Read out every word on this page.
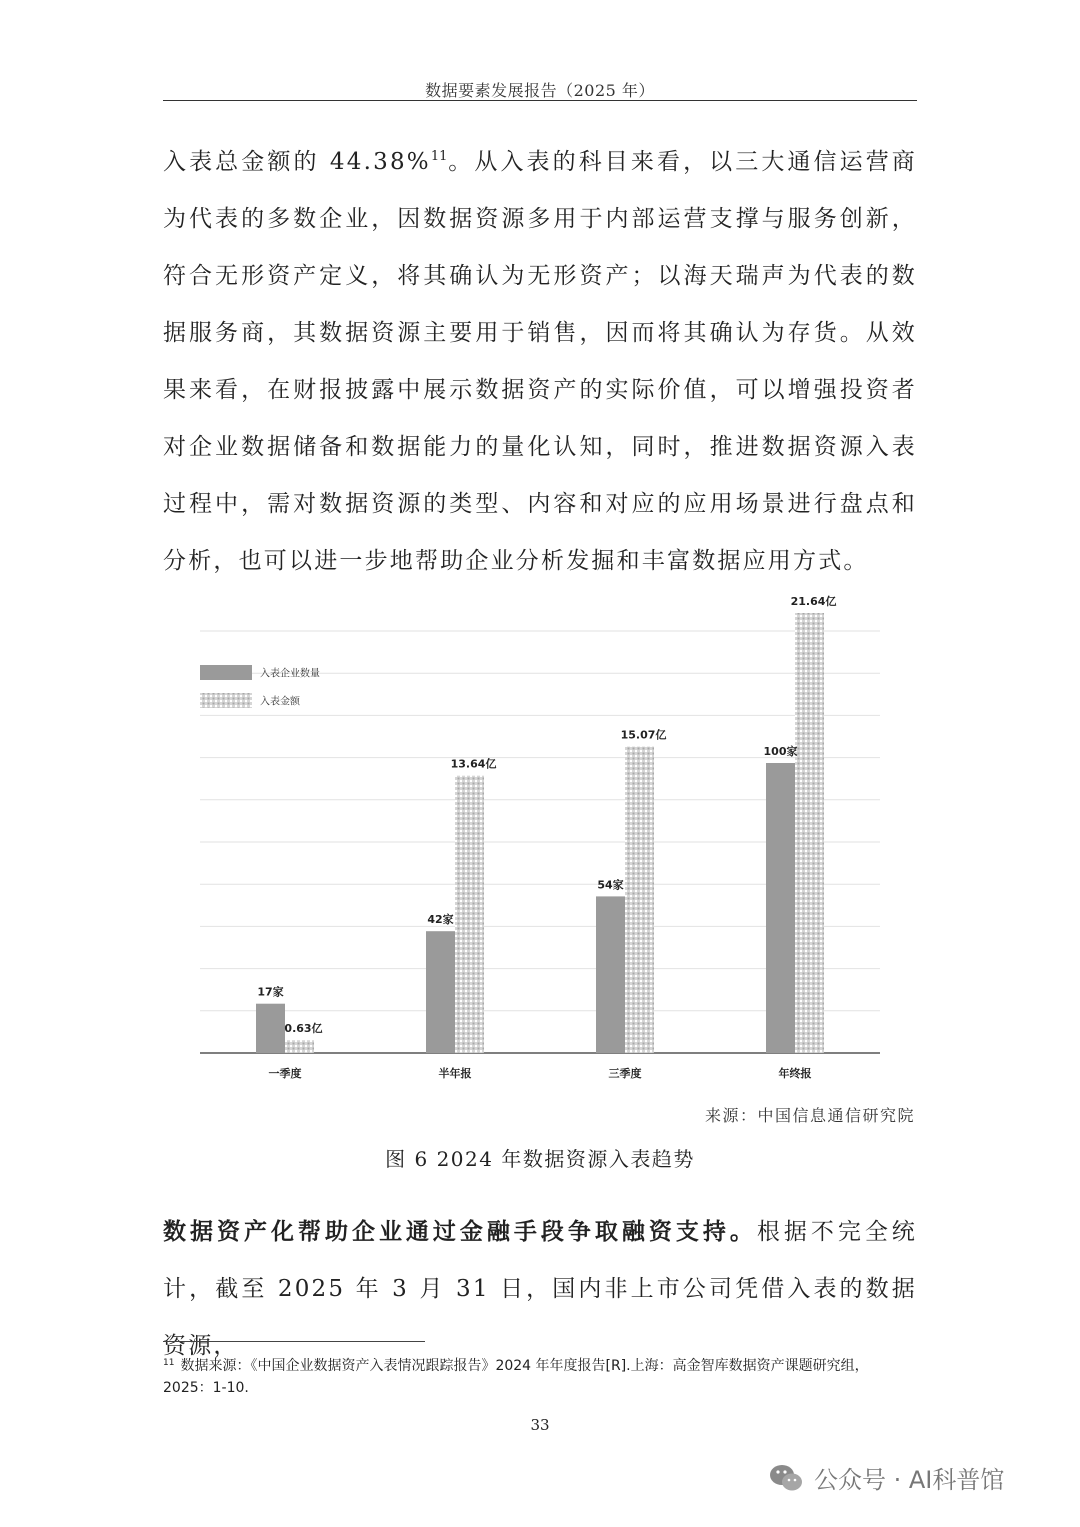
数据要素发展报告（2025 年）

入表总金额的 44.38%$^{11}$。从入表的科目来看，以三大通信运营商为代表的多数企业，因数据资源多用于内部运营支撑与服务创新，符合无形资产定义，将其确认为无形资产；以海天瑞声为代表的数据服务商，其数据资源主要用于销售，因而将其确认为存货。从效果来看，在财报披露中展示数据资产的实际价值，可以增强投资者对企业数据储备和数据能力的量化认知，同时，推进数据资源入表过程中，需对数据资源的类型、内容和对应的应用场景进行盘点和分析，也可以进一步地帮助企业分析发掘和丰富数据应用方式。

17家
0.63亿
一季度
42家
13.64亿
半年报
54家
15.07亿
三季度
100家
21.64亿
年终报
入表企业数量
入表金额
来源：中国信息通信研究院
图 6 2024 年数据资源入表趋势

数据资产化帮助企业通过金融手段争取融资支持。根据不完全统计，截至 2025 年 3 月 31 日，国内非上市公司凭借入表的数据资源，

$^{11}$ 数据来源：《中国企业数据资产入表情况跟踪报告》2024 年年度报告[R].上海：高金智库数据资产课题研究组，2025：1-10.

33
公众号 · AI科普馆
